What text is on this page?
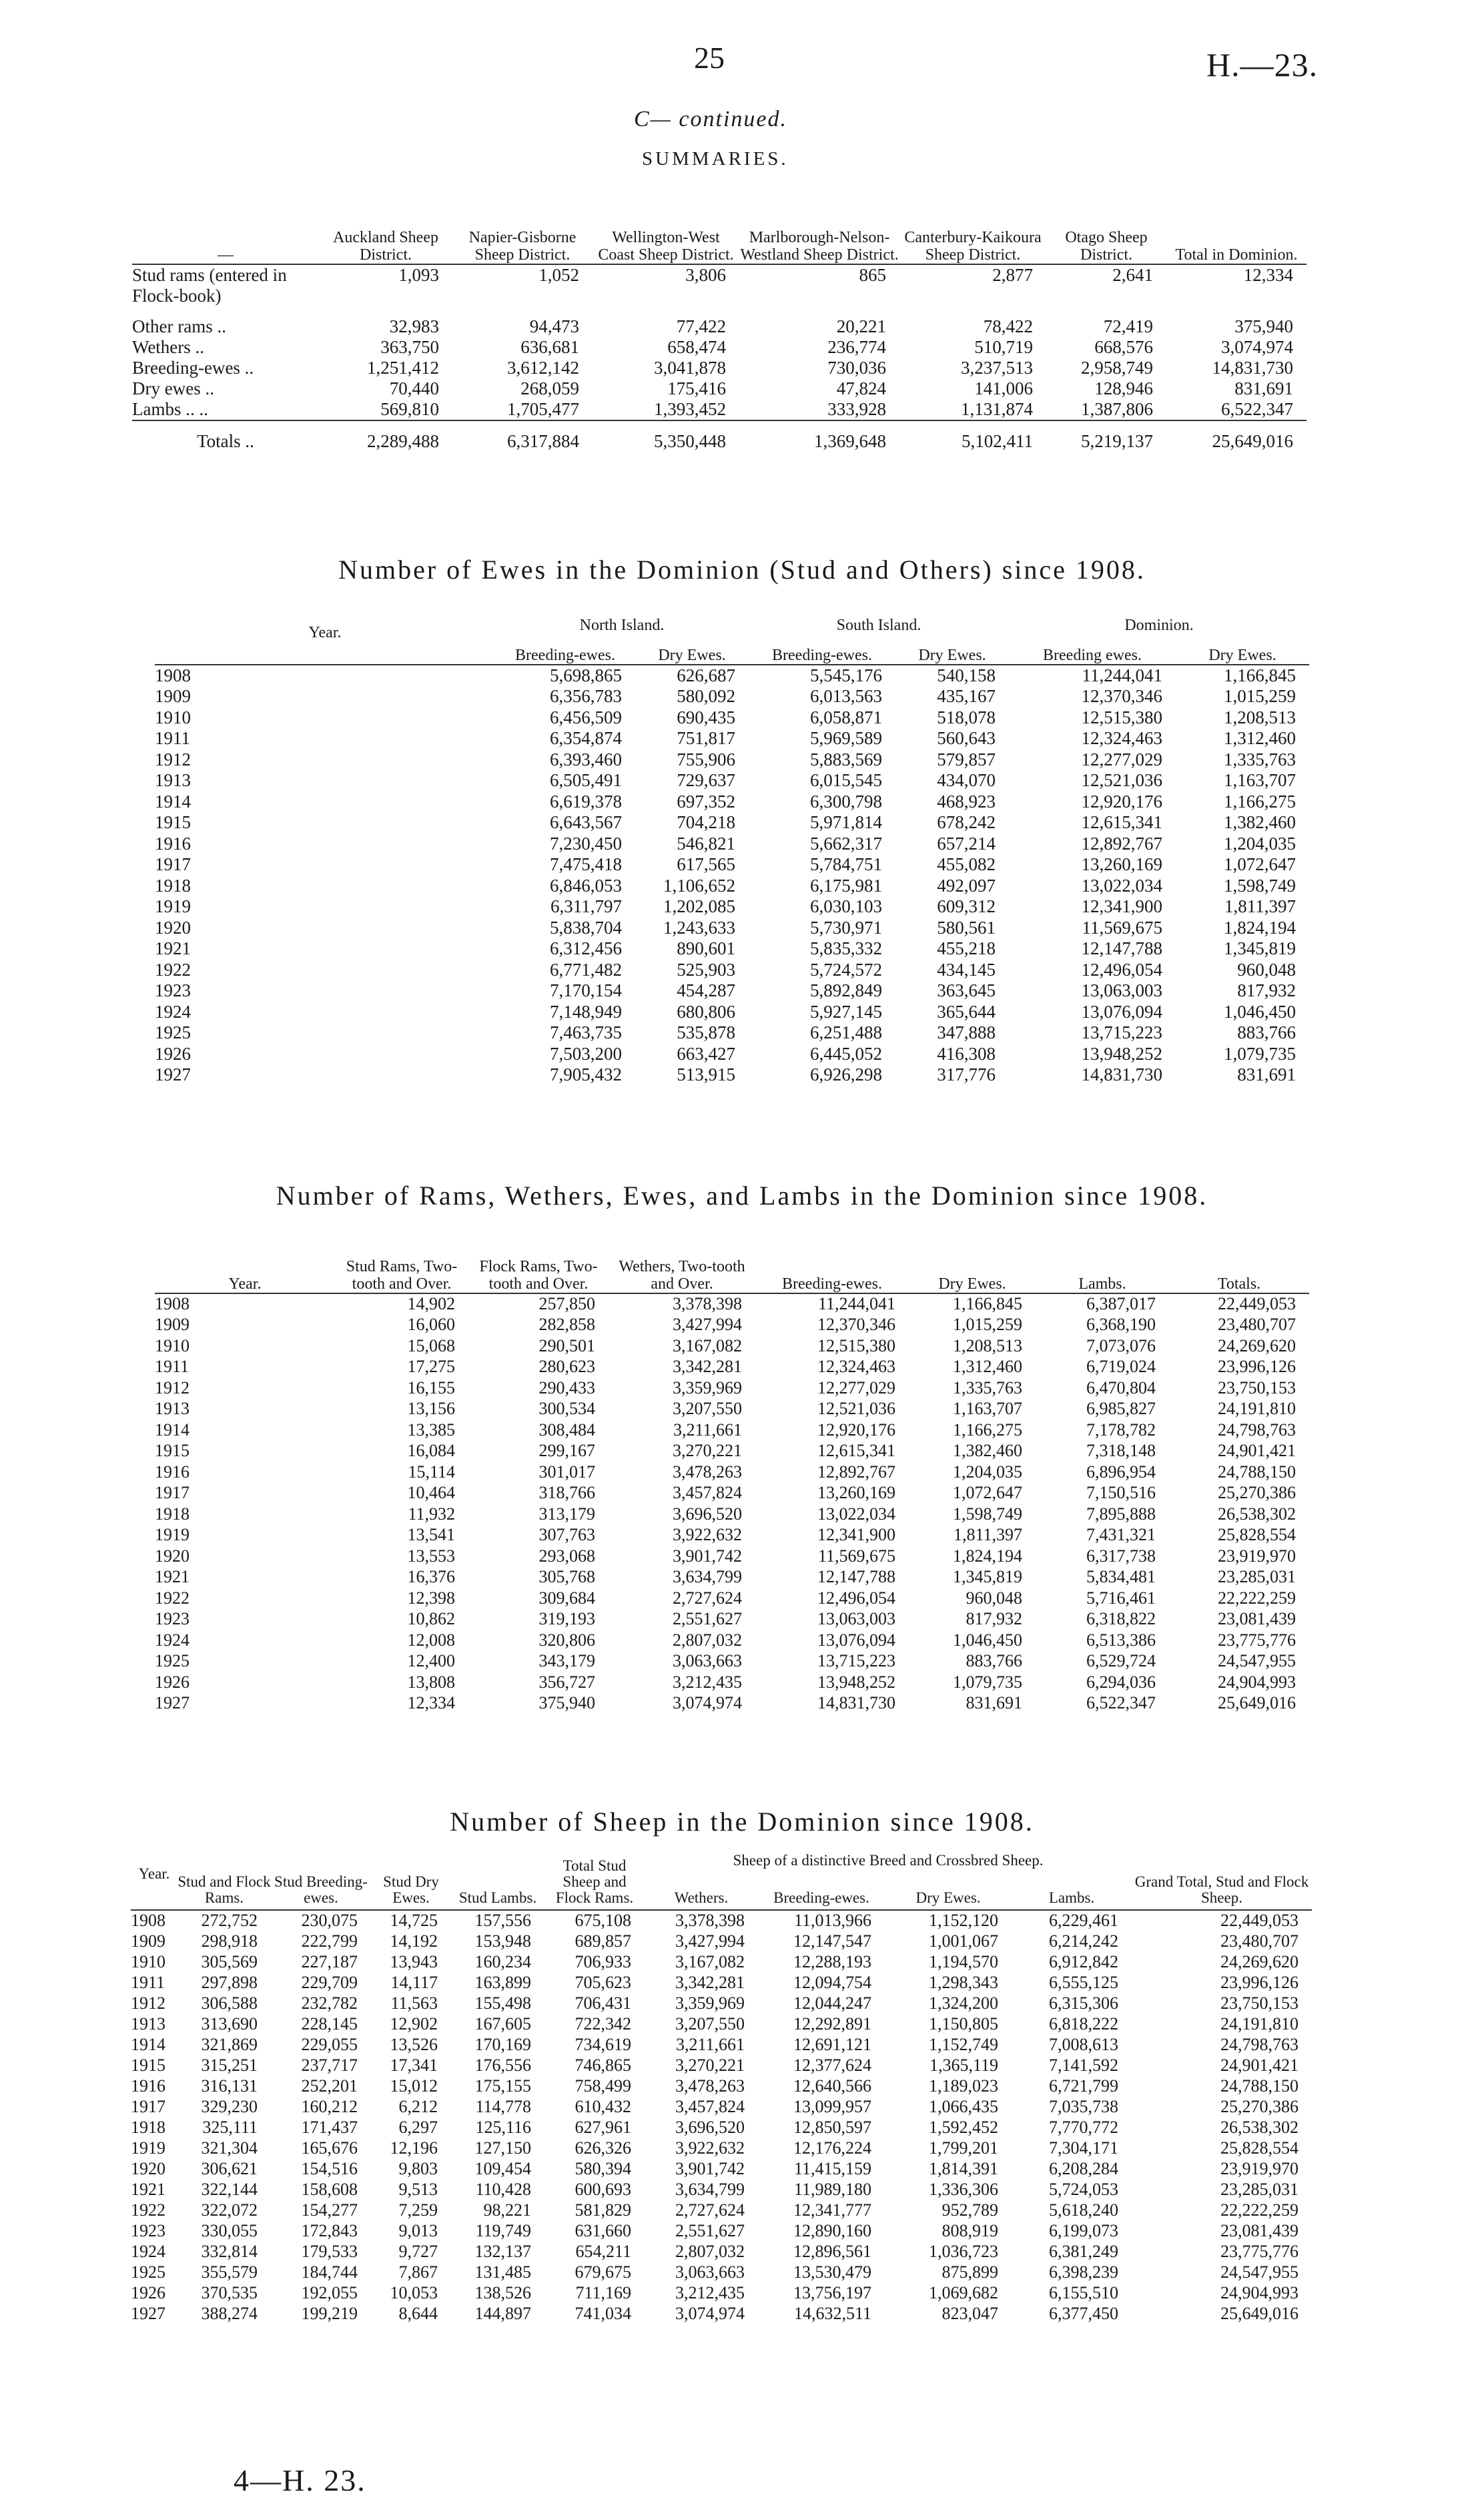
25	H.—23.
C— continued.
SUMMARIES.
—	Auckland Sheep District.	Napier-Gisborne Sheep District.	Wellington-West Coast Sheep District.	Marlborough-Nelson-Westland Sheep District.	Canterbury-Kaikoura Sheep District.	Otago Sheep District.	Total in Dominion.
Stud rams (entered in Flock-book)	1,093	1,052	3,806	865	2,877	2,641	12,334
Other rams ..	32,983	94,473	77,422	20,221	78,422	72,419	375,940
Wethers ..	363,750	636,681	658,474	236,774	510,719	668,576	3,074,974
Breeding-ewes ..	1,251,412	3,612,142	3,041,878	730,036	3,237,513	2,958,749	14,831,730
Dry ewes ..	70,440	268,059	175,416	47,824	141,006	128,946	831,691
Lambs .. ..	569,810	1,705,477	1,393,452	333,928	1,131,874	1,387,806	6,522,347
Totals ..	2,289,488	6,317,884	5,350,448	1,369,648	5,102,411	5,219,137	25,649,016
Number of Ewes in the Dominion (Stud and Others) since 1908.
Year.	North Island.		South Island.		Dominion.	
	Breeding-ewes.	Dry Ewes.	Breeding-ewes.	Dry Ewes.	Breeding ewes.	Dry Ewes.
1908	5,698,865	626,687	5,545,176	540,158	11,244,041	1,166,845
1909	6,356,783	580,092	6,013,563	435,167	12,370,346	1,015,259
1910	6,456,509	690,435	6,058,871	518,078	12,515,380	1,208,513
1911	6,354,874	751,817	5,969,589	560,643	12,324,463	1,312,460
1912	6,393,460	755,906	5,883,569	579,857	12,277,029	1,335,763
1913	6,505,491	729,637	6,015,545	434,070	12,521,036	1,163,707
1914	6,619,378	697,352	6,300,798	468,923	12,920,176	1,166,275
1915	6,643,567	704,218	5,971,814	678,242	12,615,341	1,382,460
1916	7,230,450	546,821	5,662,317	657,214	12,892,767	1,204,035
1917	7,475,418	617,565	5,784,751	455,082	13,260,169	1,072,647
1918	6,846,053	1,106,652	6,175,981	492,097	13,022,034	1,598,749
1919	6,311,797	1,202,085	6,030,103	609,312	12,341,900	1,811,397
1920	5,838,704	1,243,633	5,730,971	580,561	11,569,675	1,824,194
1921	6,312,456	890,601	5,835,332	455,218	12,147,788	1,345,819
1922	6,771,482	525,903	5,724,572	434,145	12,496,054	960,048
1923	7,170,154	454,287	5,892,849	363,645	13,063,003	817,932
1924	7,148,949	680,806	5,927,145	365,644	13,076,094	1,046,450
1925	7,463,735	535,878	6,251,488	347,888	13,715,223	883,766
1926	7,503,200	663,427	6,445,052	416,308	13,948,252	1,079,735
1927	7,905,432	513,915	6,926,298	317,776	14,831,730	831,691
Number of Rams, Wethers, Ewes, and Lambs in the Dominion since 1908.
Year.	Stud Rams, Two-tooth and Over.	Flock Rams, Two-tooth and Over.	Wethers, Two-tooth and Over.	Breeding-ewes.	Dry Ewes.	Lambs.	Totals.
1908	14,902	257,850	3,378,398	11,244,041	1,166,845	6,387,017	22,449,053
1909	16,060	282,858	3,427,994	12,370,346	1,015,259	6,368,190	23,480,707
1910	15,068	290,501	3,167,082	12,515,380	1,208,513	7,073,076	24,269,620
1911	17,275	280,623	3,342,281	12,324,463	1,312,460	6,719,024	23,996,126
1912	16,155	290,433	3,359,969	12,277,029	1,335,763	6,470,804	23,750,153
1913	13,156	300,534	3,207,550	12,521,036	1,163,707	6,985,827	24,191,810
1914	13,385	308,484	3,211,661	12,920,176	1,166,275	7,178,782	24,798,763
1915	16,084	299,167	3,270,221	12,615,341	1,382,460	7,318,148	24,901,421
1916	15,114	301,017	3,478,263	12,892,767	1,204,035	6,896,954	24,788,150
1917	10,464	318,766	3,457,824	13,260,169	1,072,647	7,150,516	25,270,386
1918	11,932	313,179	3,696,520	13,022,034	1,598,749	7,895,888	26,538,302
1919	13,541	307,763	3,922,632	12,341,900	1,811,397	7,431,321	25,828,554
1920	13,553	293,068	3,901,742	11,569,675	1,824,194	6,317,738	23,919,970
1921	16,376	305,768	3,634,799	12,147,788	1,345,819	5,834,481	23,285,031
1922	12,398	309,684	2,727,624	12,496,054	960,048	5,716,461	22,222,259
1923	10,862	319,193	2,551,627	13,063,003	817,932	6,318,822	23,081,439
1924	12,008	320,806	2,807,032	13,076,094	1,046,450	6,513,386	23,775,776
1925	12,400	343,179	3,063,663	13,715,223	883,766	6,529,724	24,547,955
1926	13,808	356,727	3,212,435	13,948,252	1,079,735	6,294,036	24,904,993
1927	12,334	375,940	3,074,974	14,831,730	831,691	6,522,347	25,649,016
Number of Sheep in the Dominion since 1908.
Year.	Stud and Flock Rams.	Stud Breeding-ewes.	Stud Dry Ewes.	Stud Lambs.	Total Stud Sheep and Flock Rams.	Sheep of a distinctive Breed and Crossbred Sheep.				Grand Total, Stud and Flock Sheep.
						Wethers.	Breeding-ewes.	Dry Ewes.	Lambs.	

1908	272,752	230,075	14,725	157,556	675,108	3,378,398	11,013,966	1,152,120	6,229,461	22,449,053
1909	298,918	222,799	14,192	153,948	689,857	3,427,994	12,147,547	1,001,067	6,214,242	23,480,707
1910	305,569	227,187	13,943	160,234	706,933	3,167,082	12,288,193	1,194,570	6,912,842	24,269,620
1911	297,898	229,709	14,117	163,899	705,623	3,342,281	12,094,754	1,298,343	6,555,125	23,996,126
1912	306,588	232,782	11,563	155,498	706,431	3,359,969	12,044,247	1,324,200	6,315,306	23,750,153
1913	313,690	228,145	12,902	167,605	722,342	3,207,550	12,292,891	1,150,805	6,818,222	24,191,810
1914	321,869	229,055	13,526	170,169	734,619	3,211,661	12,691,121	1,152,749	7,008,613	24,798,763
1915	315,251	237,717	17,341	176,556	746,865	3,270,221	12,377,624	1,365,119	7,141,592	24,901,421
1916	316,131	252,201	15,012	175,155	758,499	3,478,263	12,640,566	1,189,023	6,721,799	24,788,150
1917	329,230	160,212	6,212	114,778	610,432	3,457,824	13,099,957	1,066,435	7,035,738	25,270,386
1918	325,111	171,437	6,297	125,116	627,961	3,696,520	12,850,597	1,592,452	7,770,772	26,538,302
1919	321,304	165,676	12,196	127,150	626,326	3,922,632	12,176,224	1,799,201	7,304,171	25,828,554
1920	306,621	154,516	9,803	109,454	580,394	3,901,742	11,415,159	1,814,391	6,208,284	23,919,970
1921	322,144	158,608	9,513	110,428	600,693	3,634,799	11,989,180	1,336,306	5,724,053	23,285,031
1922	322,072	154,277	7,259	98,221	581,829	2,727,624	12,341,777	952,789	5,618,240	22,222,259
1923	330,055	172,843	9,013	119,749	631,660	2,551,627	12,890,160	808,919	6,199,073	23,081,439
1924	332,814	179,533	9,727	132,137	654,211	2,807,032	12,896,561	1,036,723	6,381,249	23,775,776
1925	355,579	184,744	7,867	131,485	679,675	3,063,663	13,530,479	875,899	6,398,239	24,547,955
1926	370,535	192,055	10,053	138,526	711,169	3,212,435	13,756,197	1,069,682	6,155,510	24,904,993
1927	388,274	199,219	8,644	144,897	741,034	3,074,974	14,632,511	823,047	6,377,450	25,649,016
4—H. 23.
